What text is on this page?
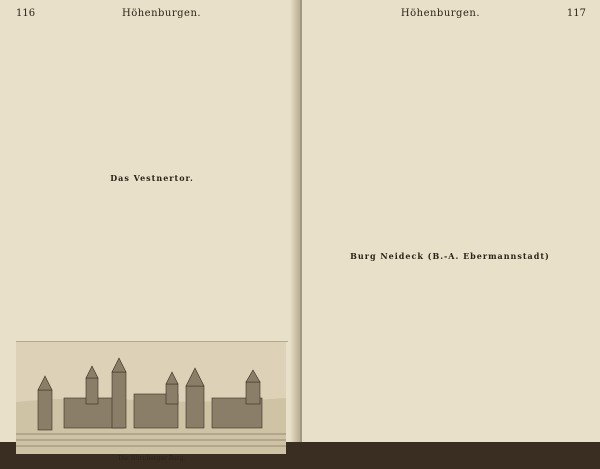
116	Höhenburgen.
Das Vestnertor.
Die Nürnberger Burg.
Höhenburgen.	117
Burg Neideck (B.-A. Ebermannstadt)
